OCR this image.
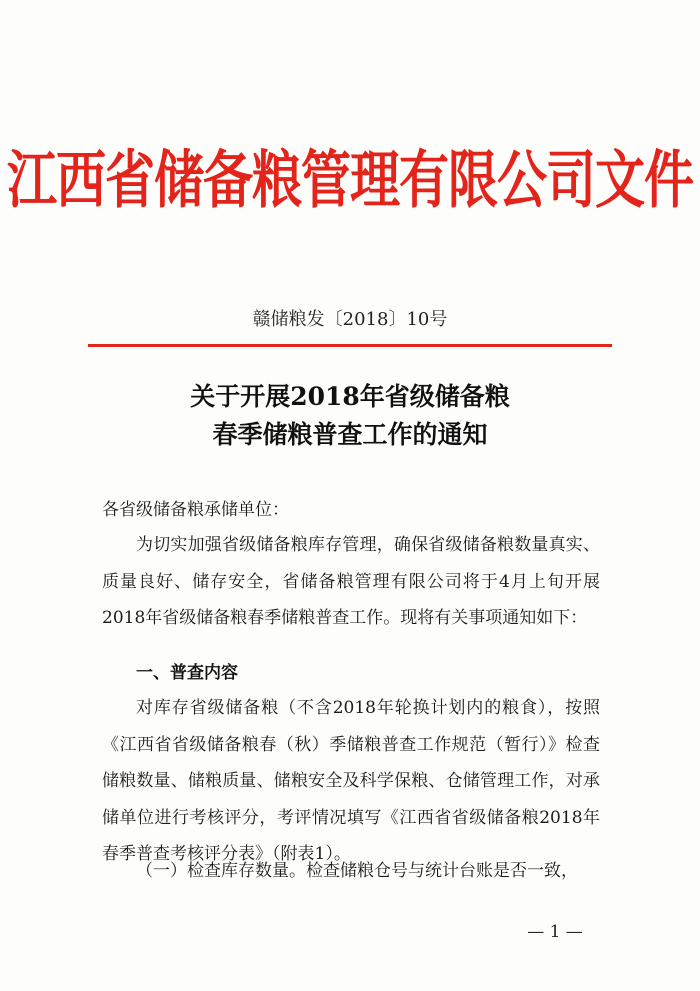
江西省储备粮管理有限公司文件
赣储粮发〔2018〕10号
关于开展2018年省级储备粮
春季储粮普查工作的通知
各省级储备粮承储单位：
为切实加强省级储备粮库存管理，确保省级储备粮数量真实、质量良好、储存安全，省储备粮管理有限公司将于4月上旬开展2018年省级储备粮春季储粮普查工作。现将有关事项通知如下：
一、普查内容
对库存省级储备粮（不含2018年轮换计划内的粮食），按照《江西省省级储备粮春（秋）季储粮普查工作规范（暂行）》检查储粮数量、储粮质量、储粮安全及科学保粮、仓储管理工作，对承储单位进行考核评分，考评情况填写《江西省省级储备粮2018年春季普查考核评分表》（附表1）。
（一）检查库存数量。检查储粮仓号与统计台账是否一致，
— 1 —
